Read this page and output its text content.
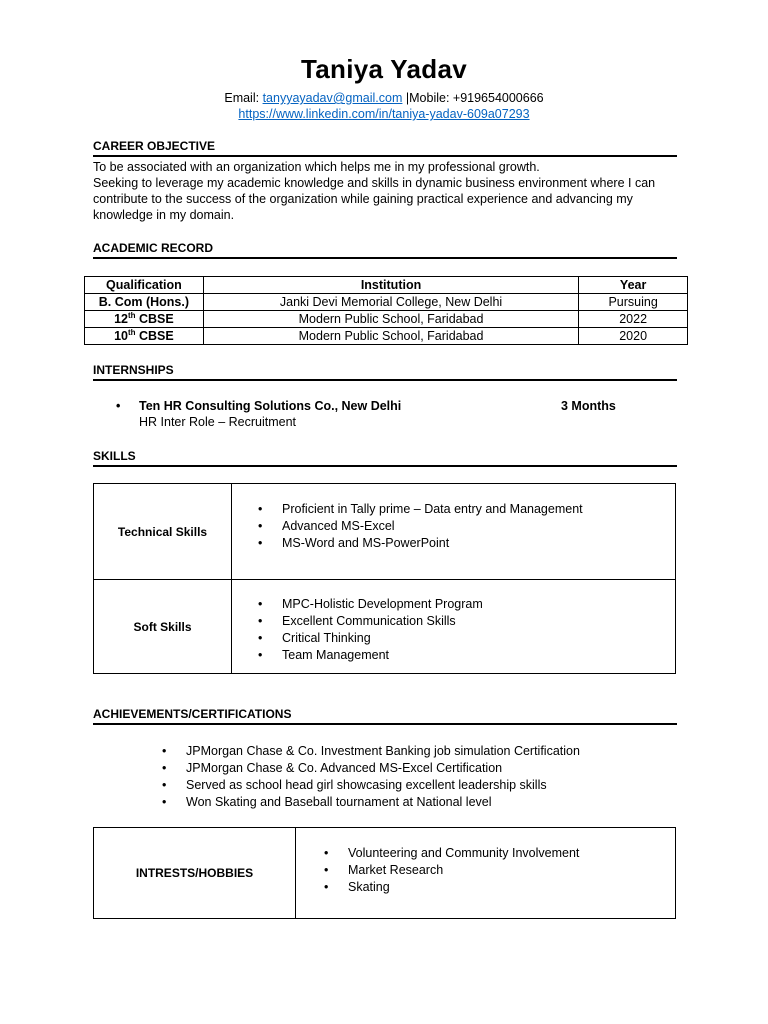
Taniya Yadav
Email: tanyyayadav@gmail.com |Mobile: +919654000666
https://www.linkedin.com/in/taniya-yadav-609a07293
CAREER OBJECTIVE
To be associated with an organization which helps me in my professional growth.
Seeking to leverage my academic knowledge and skills in dynamic business environment where I can
contribute to the success of the organization while gaining practical experience and advancing my
knowledge in my domain.
ACADEMIC RECORD
Qualification	Institution	Year
B. Com (Hons.)	Janki Devi Memorial College, New Delhi	Pursuing
12th CBSE	Modern Public School, Faridabad	2022
10th CBSE	Modern Public School, Faridabad	2020
INTERNSHIPS
• Ten HR Consulting Solutions Co., New Delhi	3 Months
HR Inter Role – Recruitment
SKILLS
Technical Skills
• Proficient in Tally prime – Data entry and Management
• Advanced MS-Excel
• MS-Word and MS-PowerPoint
Soft Skills
• MPC-Holistic Development Program
• Excellent Communication Skills
• Critical Thinking
• Team Management
ACHIEVEMENTS/CERTIFICATIONS
• JPMorgan Chase & Co. Investment Banking job simulation Certification
• JPMorgan Chase & Co. Advanced MS-Excel Certification
• Served as school head girl showcasing excellent leadership skills
• Won Skating and Baseball tournament at National level
INTRESTS/HOBBIES
• Volunteering and Community Involvement
• Market Research
• Skating
